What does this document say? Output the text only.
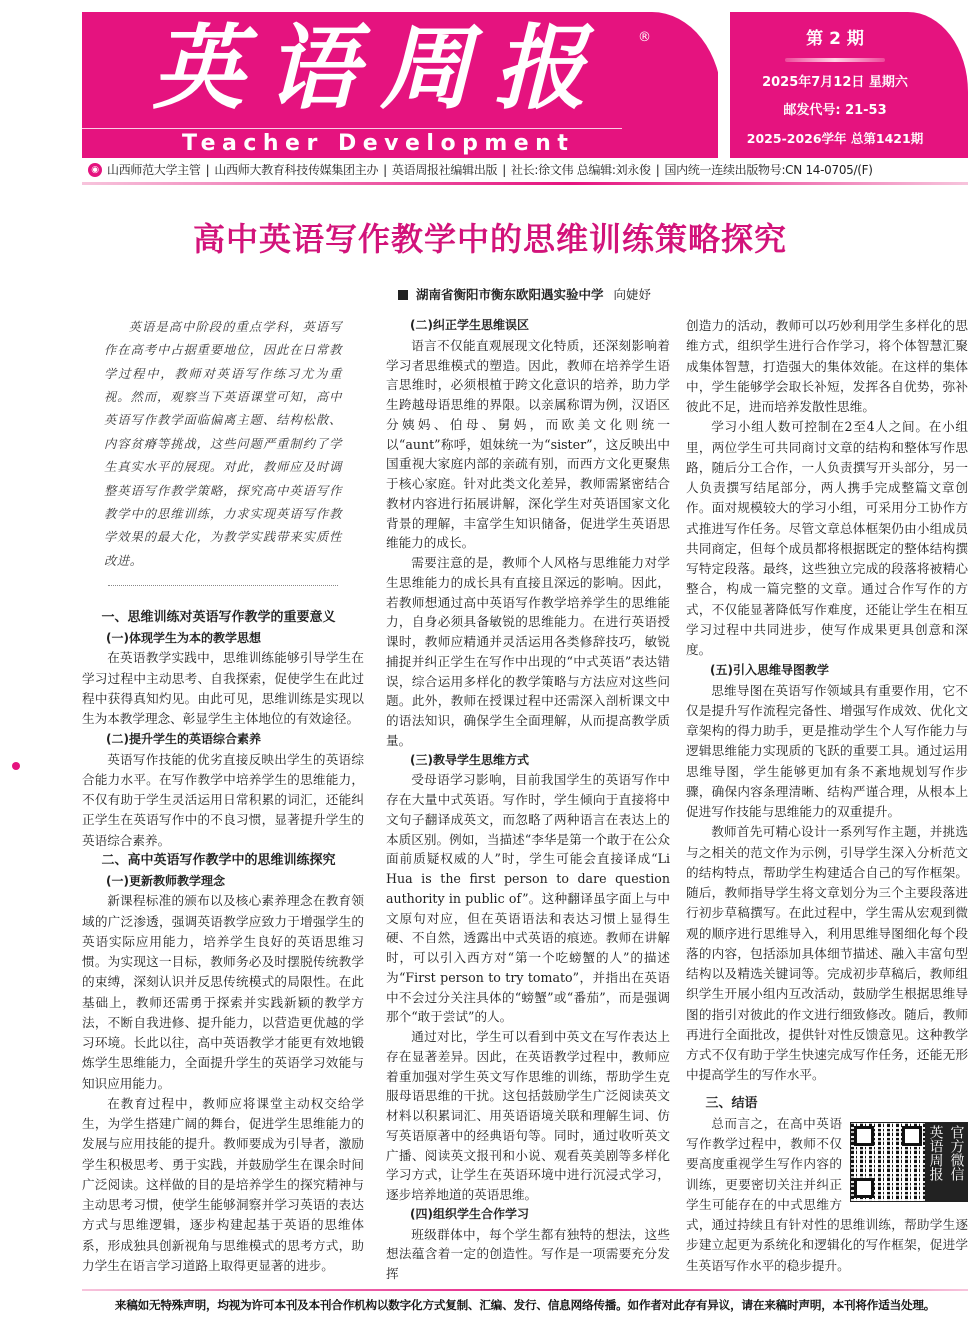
英语周报 ®
Teacher Development
第 2 期
2025年7月12日 星期六
邮发代号: 21-53
2025-2026学年 总第1421期
◉ 山西师范大学主管 | 山西师大教育科技传媒集团主办 | 英语周报社编辑出版 | 社长:徐文伟 总编辑:刘永俊 | 国内统一连续出版物号:CN 14-0705/(F)
高中英语写作教学中的思维训练策略探究
湖南省衡阳市衡东欧阳遇实验中学 向婕妤

英语是高中阶段的重点学科，英语写作在高考中占据重要地位，因此在日常教学过程中，教师对英语写作练习尤为重视。然而，观察当下英语课堂可知，高中英语写作教学面临偏离主题、结构松散、内容贫瘠等挑战，这些问题严重制约了学生真实水平的展现。对此，教师应及时调整英语写作教学策略，探究高中英语写作教学中的思维训练，力求实现英语写作教学效果的最大化，为教学实践带来实质性改进。

一、思维训练对英语写作教学的重要意义

(一)体现学生为本的教学思想

在英语教学实践中，思维训练能够引导学生在学习过程中主动思考、自我探索，促使学生在此过程中获得真知灼见。由此可见，思维训练是实现以生为本教学理念、彰显学生主体地位的有效途径。

(二)提升学生的英语综合素养

英语写作技能的优劣直接反映出学生的英语综合能力水平。在写作教学中培养学生的思维能力，不仅有助于学生灵活运用日常积累的词汇，还能纠正学生在英语写作中的不良习惯，显著提升学生的英语综合素养。

二、高中英语写作教学中的思维训练探究

(一)更新教师教学理念

新课程标准的颁布以及核心素养理念在教育领域的广泛渗透，强调英语教学应致力于增强学生的英语实际应用能力，培养学生良好的英语思维习惯。为实现这一目标，教师务必及时摆脱传统教学的束缚，深刻认识并反思传统模式的局限性。在此基础上，教师还需勇于探索并实践新颖的教学方法，不断自我进修、提升能力，以营造更优越的学习环境。长此以往，高中英语教学才能更有效地锻炼学生思维能力，全面提升学生的英语学习效能与知识应用能力。

在教育过程中，教师应将课堂主动权交给学生，为学生搭建广阔的舞台，促进学生思维能力的发展与应用技能的提升。教师要成为引导者，激励学生积极思考、勇于实践，并鼓励学生在课余时间广泛阅读。这样做的目的是培养学生的探究精神与主动思考习惯，使学生能够洞察并学习英语的表达方式与思维逻辑，逐步构建起基于英语的思维体系，形成独具创新视角与思维模式的思考方式，助力学生在语言学习道路上取得更显著的进步。

(二)纠正学生思维误区

语言不仅能直观展现文化特质，还深刻影响着学习者思维模式的塑造。因此，教师在培养学生语言思维时，必须根植于跨文化意识的培养，助力学生跨越母语思维的界限。以亲属称谓为例，汉语区分姨妈、伯母、舅妈，而欧美文化则统一以“aunt”称呼，姐妹统一为“sister”，这反映出中国重视大家庭内部的亲疏有别，而西方文化更聚焦于核心家庭。针对此类文化差异，教师需紧密结合教材内容进行拓展讲解，深化学生对英语国家文化背景的理解，丰富学生知识储备，促进学生英语思维能力的成长。

需要注意的是，教师个人风格与思维能力对学生思维能力的成长具有直接且深远的影响。因此，若教师想通过高中英语写作教学培养学生的思维能力，自身必须具备敏锐的思维能力。在进行英语授课时，教师应精通并灵活运用各类修辞技巧，敏锐捕捉并纠正学生在写作中出现的“中式英语”表达错误，综合运用多样化的教学策略与方法应对这些问题。此外，教师在授课过程中还需深入剖析课文中的语法知识，确保学生全面理解，从而提高教学质量。

(三)教导学生思维方式

受母语学习影响，目前我国学生的英语写作中存在大量中式英语。写作时，学生倾向于直接将中文句子翻译成英文，而忽略了两种语言在表达上的本质区别。例如，当描述“李华是第一个敢于在公众面前质疑权威的人”时，学生可能会直接译成“Li Hua is the first person to dare question authority in public of”。这种翻译虽字面上与中文原句对应，但在英语语法和表达习惯上显得生硬、不自然，透露出中式英语的痕迹。教师在讲解时，可以引入西方对“第一个吃螃蟹的人”的描述为“First person to try tomato”，并指出在英语中不会过分关注具体的“螃蟹”或“番茄”，而是强调那个“敢于尝试”的人。

通过对比，学生可以看到中英文在写作表达上存在显著差异。因此，在英语教学过程中，教师应着重加强对学生英文写作思维的训练，帮助学生克服母语思维的干扰。这包括鼓励学生广泛阅读英文材料以积累词汇、用英语语境关联和理解生词、仿写英语原著中的经典语句等。同时，通过收听英文广播、阅读英文报刊和小说、观看英美剧等多样化学习方式，让学生在英语环境中进行沉浸式学习，逐步培养地道的英语思维。

(四)组织学生合作学习

班级群体中，每个学生都有独特的想法，这些想法蕴含着一定的创造性。写作是一项需要充分发挥

创造力的活动，教师可以巧妙利用学生多样化的思维方式，组织学生进行合作学习，将个体智慧汇聚成集体智慧，打造强大的集体效能。在这样的集体中，学生能够学会取长补短，发挥各自优势，弥补彼此不足，进而培养发散性思维。

学习小组人数可控制在2至4人之间。在小组里，两位学生可共同商讨文章的结构和整体写作思路，随后分工合作，一人负责撰写开头部分，另一人负责撰写结尾部分，两人携手完成整篇文章创作。面对规模较大的学习小组，可采用分工协作方式推进写作任务。尽管文章总体框架仍由小组成员共同商定，但每个成员都将根据既定的整体结构撰写特定段落。最终，这些独立完成的段落将被精心整合，构成一篇完整的文章。通过合作写作的方式，不仅能显著降低写作难度，还能让学生在相互学习过程中共同进步，使写作成果更具创意和深度。

(五)引入思维导图教学

思维导图在英语写作领域具有重要作用，它不仅是提升写作流程完备性、增强写作成效、优化文章架构的得力助手，更是推动学生个人写作能力与逻辑思维能力实现质的飞跃的重要工具。通过运用思维导图，学生能够更加有条不紊地规划写作步骤，确保内容条理清晰、结构严谨合理，从根本上促进写作技能与思维能力的双重提升。

教师首先可精心设计一系列写作主题，并挑选与之相关的范文作为示例，引导学生深入分析范文的结构特点，帮助学生构建适合自己的写作框架。随后，教师指导学生将文章划分为三个主要段落进行初步草稿撰写。在此过程中，学生需从宏观到微观的顺序进行思维导入，利用思维导图细化每个段落的内容，包括添加具体细节描述、融入丰富句型结构以及精选关键词等。完成初步草稿后，教师组织学生开展小组内互改活动，鼓励学生根据思维导图的指引对彼此的作文进行细致修改。随后，教师再进行全面批改，提供针对性反馈意见。这种教学方式不仅有助于学生快速完成写作任务，还能无形中提高学生的写作水平。

三、结语

英语周报 官方微信

总而言之，在高中英语写作教学过程中，教师不仅要高度重视学生写作内容的训练，更要密切关注并纠正学生可能存在的中式思维方式，通过持续且有针对性的思维训练，帮助学生逐步建立起更为系统化和逻辑化的写作框架，促进学生英语写作水平的稳步提升。

来稿如无特殊声明，均视为许可本刊及本刊合作机构以数字化方式复制、汇编、发行、信息网络传播。如作者对此存有异议，请在来稿时声明，本刊将作适当处理。
